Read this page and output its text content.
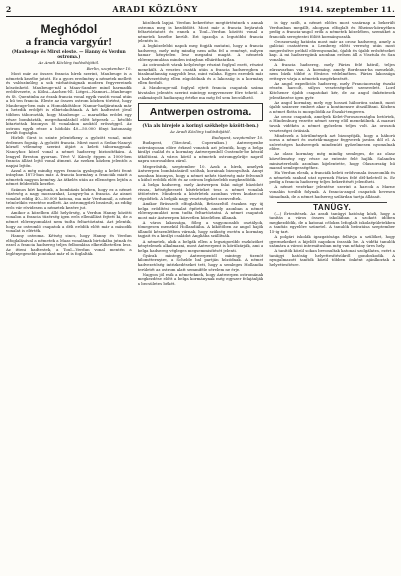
2	ARADI KÖZLÖNY	1914. szeptember 11.
Meghódol
a francia vargyúr!
(Maubeuge és Mirst eleste. — Hanny és Verdun ostroma.)
Az Aradi Közlöny tudósítójától.
Berlin, szeptember 10.

Most már az összes francia hírek szerint, Maubeuge is a németek kezébe jutott. Ez a gyors eredmény a németek mellett és valószínűleg a sok várhatóságnak modern fegyvereinek köszönhető. Maubeuge-nál a Maas-Sambre mind harmadik erődövezete, a Kölni—Aachen-Nl. Liégei—Namuri—Maubeuge és St. Quentinba az észak francia vonal egyik vasúti vonal után a hű ten francia. Eleste az összes ostrom közben történt, hogy Maubeuge-ben más a Homokkőtábor. Namur-hadjáratnak már a hetedik erődjét is elbirtokoltának. A két hadtestet jóval többen táborozták, hogy Maubeuge — maradéka erődei egy része bombázták, megrohamlásból előtt képesek — később kitartottak bizonyos fő vonalakon azoktól erősséggel. Az ostrom egyik része a hódolás 40—50.000 főnyi katonaság került fogságba.

Hirlelt Girst is szinte jelentékeny a győzött vonal, mint érdemes fogság. A győzött francia. Mirst most a Sedan-Nancyi körnél vélemény szerint átjárt a keleti tábornagynak. Nancyhoz közel vonal a német hadsereg biztosítékára. A lengyel Breston gyorsan. Tévé V. Károly éppen a 1000-ben francia állást lejtő vonal átment. Az ezeken közben jelentős a napjai lejtőn.

Azzal a még mindig egyes francia gyalogság a keleti front irányban 1873-ban már. A francia kormány a franciák miatt a németek nagyon kemény. Az átkelés után az ellenséges lejtőn a német felderítők kezébe.

Számos hírt kaptunk, a bombázás közben, hogy ez a német tüzérség a nagy mozsarakat, Longwy-ba a francia. Az aisnei vonalat eddig 40—50.000 katona, ma már Verdunnál, a német trónörökös vezetése mellett. Az ostromgyűrű bezárult, az eddig erős vár rövidesen a németek kezére jut.

Amikor a közelben álló helyőrség, a Verdun Hanny közötti vonalon a francia tüzérség igen erős ellenállást fejtett ki, de a német előrenyomulást nem tudta feltartóztatni. Azt jelentik, hogy az ostromló csapatok a déli erődök előtt már a második vonalat is elérték.

Hanny ostroma. Kétség sincs, hogy Hanny és Verdun elfoglalásával a németek a Maas vonalának birtokába jutnak és ezzel a francia hadsereg teljes felbomlása elkerülhetetlen lesz. Az itteni hadtestek, a Toul—Verdun vonal mentén a leglényegesebb pontokat már el is foglalták.

közölnek lapjai. Verdun bekerítése megtörténtnek s annak ostroma meg is kezdődött. Most már a francia bejáratok feltartóztatott és ennek a Toul—Verdun közötti vonal a németek kezébe került. Ezt igazolja a legutóbbi francia jelentés is.

A legközelebbi napok meg fogják mutatni, hogy a francia hadsereg, mely még mindig nem adta fel a reményt, milyen hamar kénytelen lesz megadni magát. A németek előrenyomulása minden irányban elhárithatatlan.

Az ostromlott várak helyőrsége részint foglyul esett, részint menekült. A vesztes csaták után a francia hadseregben a bizalmatlanság nagyobb lesz, mint valaha. Egyes ezredek már a hadvezetőség ellen zúgolódnak és a lakosság is a kormány ellen fordult.

A Maubeuge-nál foglyul ejtett francia csapatok száma hivatalos jelentés szerint mintegy negyvenezer főre tehető. A zsákmányolt hadianyag értéke ma még fel sem becsülhető.

Antwerpen ostroma.
(Via als hirejele a korinyi székhelye között-ben.)
Az Aradi Közlöny tudósítójától.
Budapest, szeptember 10.

Budapest, (Tárcával, Copernikus.) Antwerpenbe szórványosan előre érkező vonatok azt jelentik, hogy a belga királyi család és a kormány Antwerpenből Oostende-be készül átköltözni. A város körül a németek ostromgyűrűje napról napra szorosabbra zárul.

Megerősítik, szeptember 10. Azok a hírek, amelyek Antwerpen bombázásáról szóltak, korainak bizonyultak. Annyi azonban bizonyos, hogy a német nehéz tüzérség már felvonult a külső erődök előtt és az ostrom legközelebb megkezdődik.

A belga hadsereg, mely Antwerpen falai mögé húzódott vissza, kétségbeesett kísérleteket tesz a német vonalak áttörésére. Mindezek a kísérletek azonban véres kudarccal végződtek. A belgák nagy veszteségeket szenvedtek.

Amikor Brüsszelt elfoglalták, Brüsszeltől északra egy új belga erődítési vonalat építettek, amely azonban a német előrenyomulást nem tudta feltartóztatni. A német csapatok most már Antwerpen közvetlen közelében állanak.

A város lakossága, főleg a vagyonosabb osztályok, tömegesen menekül Hollandiába. A kikötőben az angol hajók állandó készenlétben várnak, hogy szükség esetén a kormány tagjait és a királyi családot Angliába szállítsák.

A németek, akik a belgák ellen a legszigorúbb eszközöket kénytelenek alkalmazni, most Antwerpent is körülzárják, ami a belga hadsereg végleges megsemmisítését jelenti.

Gyárak mintegy Antwerpentől mintegy tizenöt kilométernyire, a Schelde bal partján húzódnak. A német hadvezetőség intézkedéseket tett, hogy a semleges Hollandia területét az ostrom alatt semmiféle sérelem ne érje.

Nagyon jól esik a németeknek, hogy Antwerpen ostromának megkezdése előtt a belga kormánynak még egyszer felajánlják a becsületes békét.

is úgy szólt, a német előőrs most vasárnap a bekerült Verdunban megállt, ahogyan elfoglalt és Rheims-környéken pedig a francia-angol erők a németek közelében, szemüket a franciák seregtestei fölött kormányozzák.

Oroszország határán most már az orosz hadsereg, amely a galíciai csatatéren a Lemberg előtti vereség után most megerősítve próbál előrenyomulni, újabb és újabb erősítéseket kap. A mi hadseregünk azonban erősen áll a Visztula és San vonalán.

A francia hadsereg, mely Párizs felé hátrál, teljes zűrzavarban van. A kormány, amely Bordeaux-ba menekült, nem bízik többé a főváros védelmében. Párizs lakossága rettegve várja a németek megérkezését.

Az angol expedíciós hadsereg, mely Franciaország északi részén harcolt, súlyos veszteségeket szenvedett. Lord Kitchener újabb csapatokat kér, de az angol önkéntesek jelentkezése igen gyér.

Az angol kormány, mely egy hosszú háborúra számít, most újabb százezer embert akar a kontinensre átszállítani. Közben a német flotta is mozgolódik az Északi-tengeren.

Az orosz csapatok, amelyek Kelet-Poroszországba betörtek, a Hindenburg vezette német sereg elől menekülnek. A mazuri tavak vidékén a német győzelem teljes volt. Az oroszok veszteségei óriásiak.

Mindezek a körülmények azt bizonyítják, hogy a háború sorsa a német és osztrák-magyar fegyverek javára dől el. A szövetséges hadseregek mindenütt győzelmesen nyomulnak előre.

Az olasz kormány még mindig semleges, de az olasz közvélemény egy része az entente felé hajlik. Salandra miniszterelnök azonban kijelentette, hogy Olaszország hű marad semlegességéhez.

Ha Verdun elesik, a franciák keleti erődvonala összeomlik és a németek szabad utat nyernek Párizs felé dél-keletről is. Ez pedig a francia hadsereg teljes bekerítését jelentheti.

A német vezérkar jelentése szerint a harcok a Marne vonalán tovább folynak. A francia-angol csapatok hevesen támadnak, de a német hadsereg szilárdan tartja állásait.

TANÜGY.

(—) Értesítések. Az aradi tanügyi hatóság közli, hogy a tanítás a város összes iskoláiban a szokott időben megkezdődik, de a katonai célokra lefoglalt iskolaépületekben a tanítás egyelőre szünetel. A tanulók beíratása szeptember 15-ig tart.

A polgári iskolák igazgatósága felhívja a szülőket, hogy gyermekeiket a kijelölt napokon írassák be. A vidéki tanulók számára a városi internátusban még van néhány üres hely.

A tanítók közül sokan bevonultak katonai szolgálatra, ezért a tanügyi hatóság helyettesítésükről gondoskodik. A nyugalmazott tanítók közül többen önként ajánlkoztak a helyettesítésre.
